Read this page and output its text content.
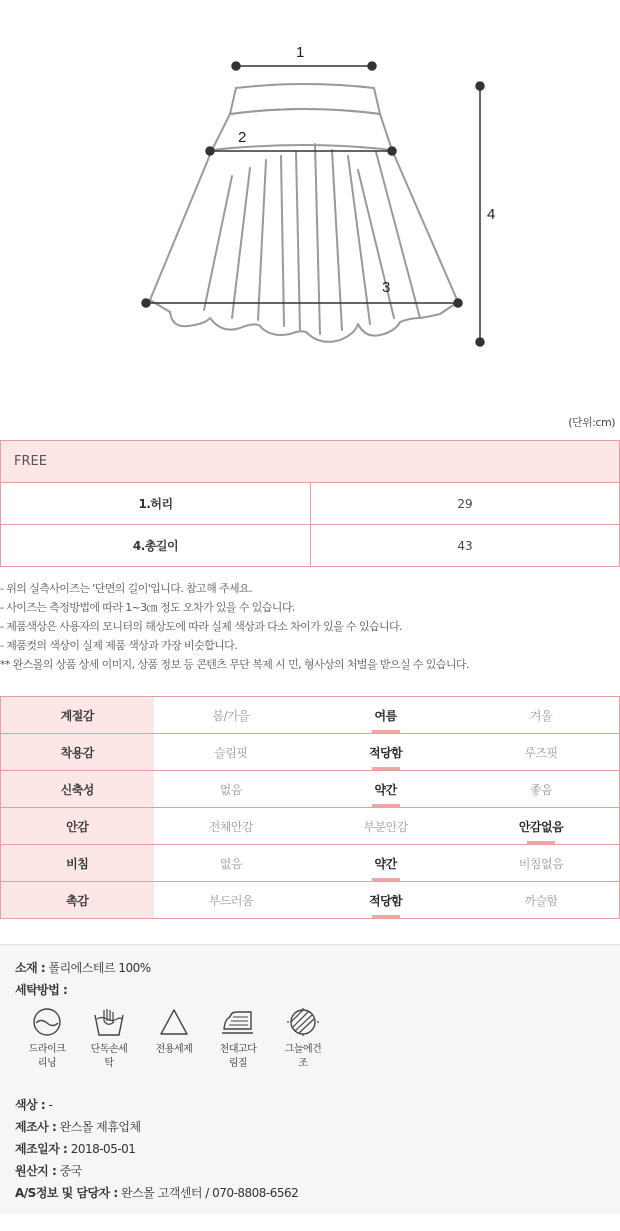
1
2
3
4
(단위:cm)
FREE	
1.허리	29
4.총길이	43
- 위의 실측사이즈는 '단면의 길이'입니다. 참고해 주세요.
- 사이즈는 측정방법에 따라 1~3㎝ 정도 오차가 있을 수 있습니다.
- 제품색상은 사용자의 모니터의 해상도에 따라 실제 색상과 다소 차이가 있을 수 있습니다.
- 제품컷의 색상이 실제 제품 색상과 가장 비슷합니다.
** 완스몰의 상품 상세 이미지, 상품 정보 등 콘텐츠 무단 복제 시 민, 형사상의 처벌을 받으실 수 있습니다.
계절감	봄/가을	여름	겨울
착용감	슬림핏	적당함	루즈핏
신축성	없음	약간	좋음
안감	전체안감	부분안감	안감없음
비침	없음	약간	비침없음
촉감	부드러움	적당함	까슬함
소재 : 폴리에스테르 100%
세탁방법 :
드라이크
리닝
단독손세
탁
전용세제	천대고다
림질
그늘에건
조
색상 : -
제조사 : 완스몰 제휴업체
제조일자 : 2018-05-01
원산지 : 중국
A/S정보 및 담당자 : 완스몰 고객센터 / 070-8808-6562
